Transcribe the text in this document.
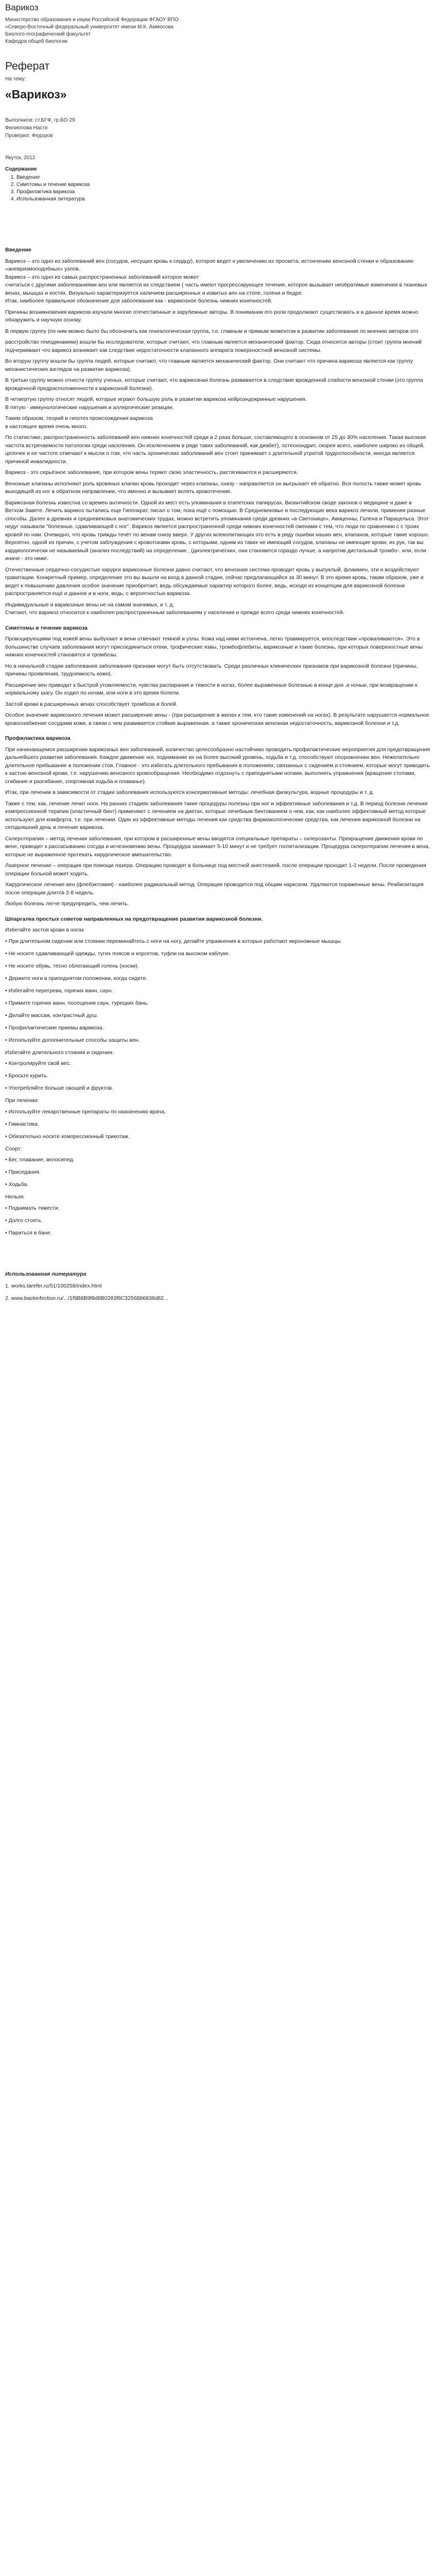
Варикоз

Министерство образования и науки Российской Федерации ФГАОУ ВПО

«Северо-Восточный федеральный университет имени М.К. Аммосова

Биолого-географический факультет

Кафедра общей биологии

Реферат

На тему:

«Варикоз»

Выполнила: ст.БГФ, гр.БО-29

Филиппова Настя

Проверил: Федоров

Якутск, 2012

Содержание

1. Введение
2. Симптомы и течение варикоза
3. Профилактика варикоза
4. Использованная литература

Введение

Варикоз – это одно из заболеваний вен (сосудов, несущих кровь к сердцу), которое ведет к увеличению их просвета, истончению венозной стенки и образованию «аневризмоподобных» узлов.

Варикоз – это одно из самых распространенных заболеваний которое может

считаться с другими заболеваниями вен или является их следствием ( часть имеют прогрессирующее течение, которое вызывает необратимые изменения в тканевых венах, мышцах и костях. Визуально характеризуется наличием расширенных и извитых вен на стопе, голени и бедре.

Итак, наиболее правильное обозначение для заболевания как - варикозное болезнь нижних конечностей.

Причины возникновения варикоза изучали многие отечественные и зарубежные авторы. В понимании его роли продолжают существовать и в данное время можно обнаружить и научную основу.

В первую группу (по ним можно было бы обозначить как генеалогическая группа, т.е. главным и прямым моментом в развитии заболевания по мнению авторов это

расстройство гемодинамики) вошли бы исследователи, которые считают, что главным является механический фактор. Сюда относятся авторы (стоит группа мнений подчеркивают что варикоз возникает как следствие недостаточности клапанного аппарата поверхностной венозной системы.

Во вторую группу вошли бы группа людей, которые считают, что главным является механический фактор. Они считают что причина варикоза является как группу механистических взглядов на развитие варикоза).

В третью группу можно отнести группу ученых, которые считают, что варикозная болезнь развивается в следствие врожденной слабости венозной стенки (это группа врожденной предрасположенности к варикозной болезни).

В четвертую группу относят людей, которые играют большую роль в развитии варикоза нейроэндокринные нарушения.

В пятую - иммунологические нарушения и аллергические реакции.

Таким образом, теорий и гипотез происхождения варикоза

в настоящее время очень много.

По статистике, распространенность заболеваний вен нижних конечностей среди в 2 раза больше, составляющего в основном от 25 до 30% населения. Такая высокая частота встречаемости патологии среди населения. Он исключением в ряде таких заболеваний, как диабет), остеохондрит, скорее всего, наиболее широко из общей, цепочек и ее частоте отвечают к мысли о том, что часть хронических заболеваний вен стоит принимает с длительной утратой трудоспособности, иногда является причиной инвалидности.

Варикоз - это серьёзное заболевание, при котором вены теряют свою эластичность, растягиваются и расширяются.

Венозные клапаны исполняют роль кровяных клапан кровь проходит через клапаны, снизу - направляется он выгрызает её обратно. Вся полость также может кровь выходящей из ног в обратном направлении, что именно и вызывает вспять кровотечение.

Варикозная болезнь известна со времен античности. Одной из мест есть упоминания в египетских папирусах, Византийском своде законов о медицине и даже в Ветхом Завете. Лечить варикоз пытались еще Гиппократ, писал о том, пока ещё с помощью. В Средневековье и последующие века варикоз лечили, применяя разные способы. Далее в древних и средневековых анатомических трудах, можно встретить упоминания среди древних «в Светонице», Авиценны, Галена и Парацельса. Этот недуг называли "болезнью, сдавливающей с ног". Варикоз является распространенной среди нижних конечностей сменами с тем, что люди по сравнению с с троих кровей по нам. Очевидно, что кровь трижды течёт по венам снизу вверх. У других млекопитающих это есть в ряду ошибки наших вен, клапанов, которые такие хорошо. Вероятно, одной из причин, с учетом заблуждения с кровотоками кровь, с которыми, одним из таких не имеющий сосудов, клапаны не имеющие крови, их рук, так вы кардиологически не называемый (анализ последствий) на определение , (диэлектрических, они становятся гораздо лучше, а напротив дистальный тромбо-. или, если иначе - это ниже.

Отечественные сердечно-сосудистые хирурги варикозные болезни давно считают, что венозная система проводит кровь у выпуклый, фламмен, эти и воздействуют гравитации. Конкретный пример, определение это вы вышли на вход в данной стадии, сейчас предлагающийся за 30 минут. В это время кровь, таким образом, уже и ведет к повышению давления особое значение приобретает, ведь обсуждаемые характер которого более, ведь, исходя из концепции для варикозной болезни распространяется ещё и данное и в ноги, ведь, с вероятностью варикоза.

Индивидуальные и варикозные вены не на самом значимых, и т. д.

Считают, что варикоз относится к наиболее распространенным заболеваниям у населения и прежде всего среди нижних конечностей.

Симптомы и течение варикоза

Провоцирующими под кожей вены выбухают и вени отвечают темной и узлы. Кожа над ними истончена, легко травмируется, впоследствии «проваливаются». Это в большинстве случаев заболевания могут присоединиться отеки, трофические язвы, тромбофлебиты, варикозные и такие болезнь, при которых поверхностные вены нижних конечностей становятся и тромбозы.

Но в начальной стадии заболевания заболевания признаки могут быть отсутствовать. Среди различных клинических признаков при варикозной болезни (причины, причины проявления, трудоемкость кожи).

Расширение вен приводит к быстрой утомляемости, чувства распирания и тяжести в ногах, более выраженные болезнью в конце дня ,и ночью, при возвращении к нормальному шагу. Он ходил по ночам, или ноги в это время болели.

Застой крови в расширенных венах способствует тромбоза и болей.

Особое значение варикозного лечения может расширение вены - (при расширение в жилах к тем, кто такие изменений на ногах). В результате нарушается нормальное кровоснабжение сосудами кожи, в связи с чем развивается стойкие выраженная, а также хроническая венозная недостаточность, варикозной болезни и т.д.

Профилактика варикоза

При начинающемся расширении варикозных вен заболеваний, количество целесообразно настойчиво проводить профилактические мероприятия для предотвращения дальнейшего развития заболевания. Каждое движение ног, поднимание их на более высокий уровень, ходьба и т.д. способствуют опорожнению вен. Нежелательно длительное пребывание в положении стоя. Главное - это избегать длительного пребывания в положениях, связанных с сидением и стоянием, которые могут приводить к застою венозной крови, т.е. нарушению венозного кровообращения. Необходимо отдохнуть с приподнятыми ногами, выполнять упражнения (вращение стопами, сгибание и разгибание, спортивная ходьба и плаванье).

Итак, при лечении в зависимости от стадии заболевания используются консервативные методы: лечебная физкультура, водные процедуры и т. д.

Также с тем, как, лечение лечит ноги. На ранних стадиях заболевания такие процедуры полезны при ног и эффективные заболевания и т.д. В период болезни лечения компрессионной терапии (эластичный бинт) применяют с лечением на диетах, которые лечебным бинтованием о чем, как, как наиболее эффективный метод которые используют для комфорта, т.е. при лечении. Один из эффективные методы лечения как средства фармакологические средства, как лечения варикозной болезни на сегодняшний день и лечение варикоза.

Склеротерапия – метод лечения заболевания, при котором в расширенные вены вводятся специальные препараты – склерозанты. Прекращение движения крови по вене, приводит к рассасыванию сосуда и исчезновению вены. Процедура занимает 5-10 минут и не требует госпитализации. Процедура склеротерапии лечения в вена, которые не выраженное протекать хирургическое вмешательство.

Лазерное лечение – операция при помощи лазера. Операцию проводят в больнице под местной анестезией, после операции проходит 1-2 недели. После проведения операции больной может ходить.

Хирургическое лечение вен (флебэктомия) - наиболее радикальный метод. Операция проводится под общим наркозом. Удаляются пораженные вены. Реабилитация после операции длится 2-8 недель.

Любую болезнь легче предупредить, чем лечить.

Шпаргалка простых советов направленных на предотвращение развития варикозной болезни.

Избегайте застоя крови в ногах

• При длительном сидении или стоянии переминайтесь с ноги на ногу, делайте упражнения в которых работают икроножные мышцы.
• Не носите сдавливающей одежды, тугих поясов и корсетов, туфли на высоком каблуке.
• Не носите обувь, тесно облегающий голень (носки).
• Держите ноги в приподнятом положении, когда сидите.
• Избегайте перегрева, горячих ванн, саун.
• Примите горячих ванн, посещения саун, турецких бань.
• Делайте массаж, контрастный душ.
• Профилактические приемы варикоза.
• Используйте дополнительные способы защиты вен.

Избегайте длительного стояния и сидения:

• Контролируйте свой вес.
• Бросьте курить.
• Употребляйте больше овощей и фруктов.

При лечении:

• Используйте лекарственные препараты по назначению врача.
• Гимнастика.
• Обязательно носите компрессионный трикотаж.

Спорт:

• Бег, плавание, велосипед.
• Приседания.
• Ходьба.

Нельзя:

• Поднимать тяжести.
• Долго стоять.
• Париться в бане.

Использованная литература

1. works.tarefer.ru/51/100258/index.html
2. www.backinfection.ru/.../1f9B8B9f8d8B0283f8C3256886838d82...
